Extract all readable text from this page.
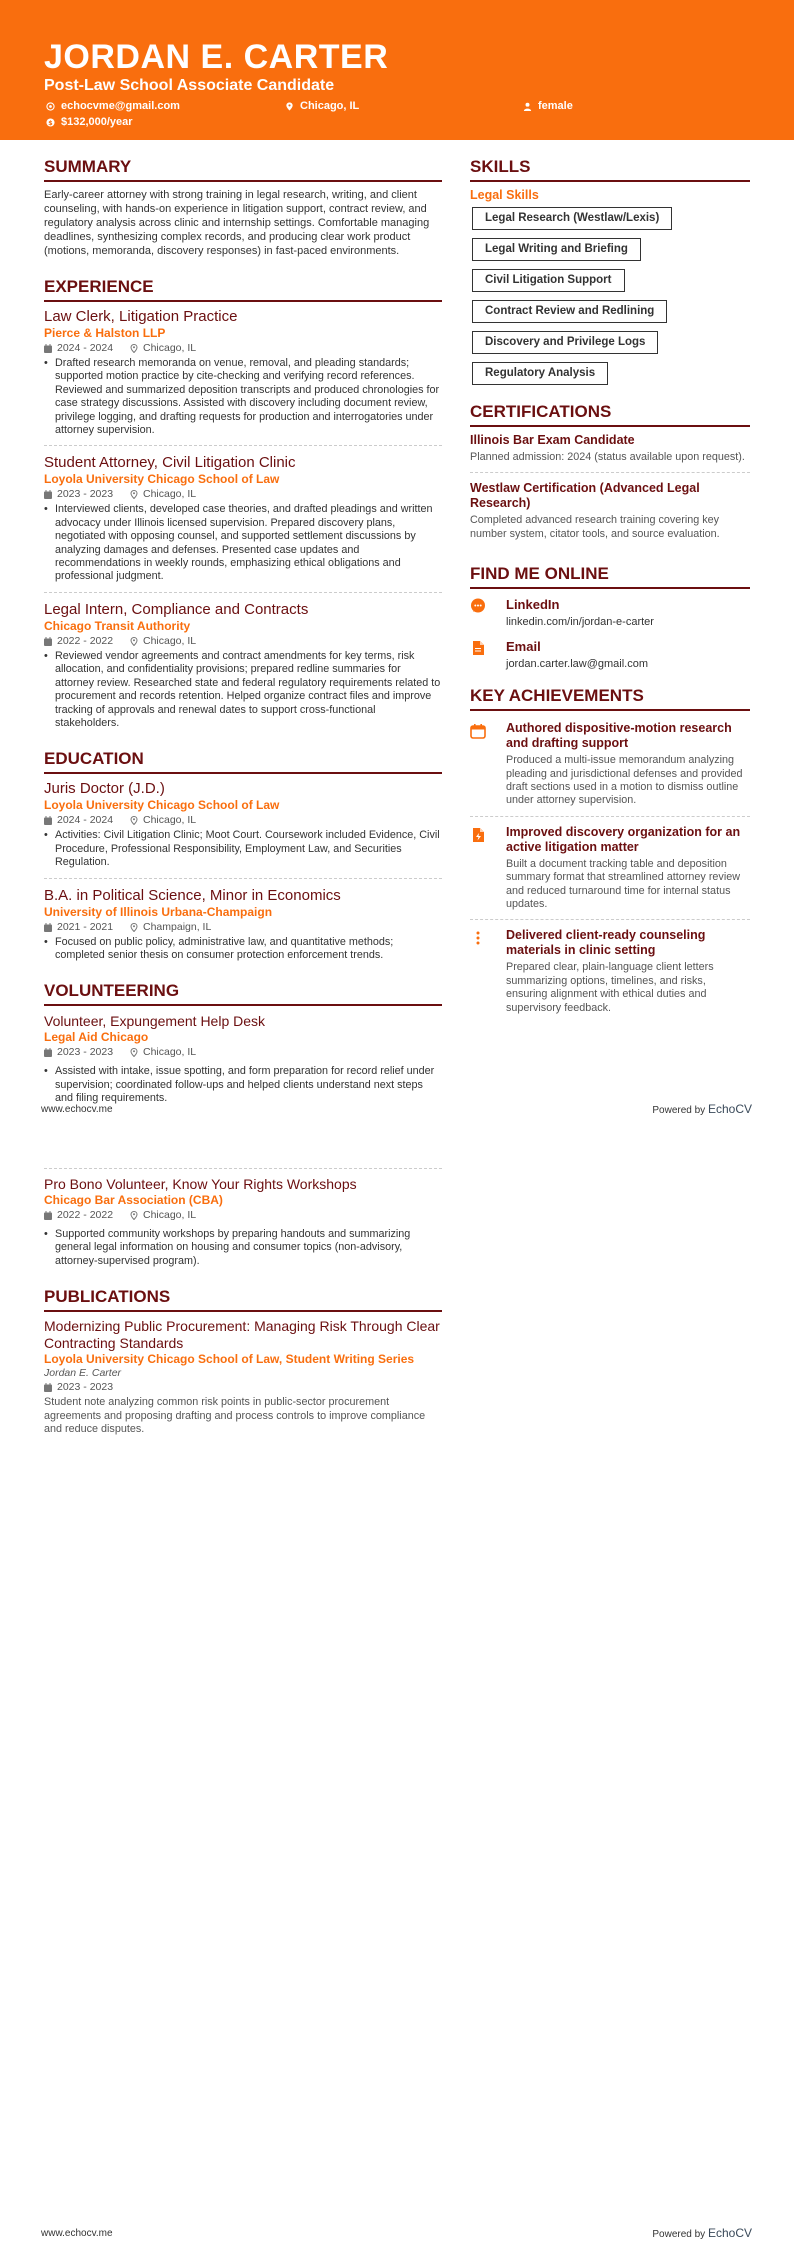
JORDAN E. CARTER
Post-Law School Associate Candidate
echocvme@gmail.com	Chicago, IL	female
$ $132,000/year
SUMMARY

Early-career attorney with strong training in legal research, writing, and client counseling, with hands-on experience in litigation support, contract review, and regulatory analysis across clinic and internship settings. Comfortable managing deadlines, synthesizing complex records, and producing clear work product (motions, memoranda, discovery responses) in fast-paced environments.

EXPERIENCE
Law Clerk, Litigation Practice
Pierce & Halston LLP
2024 - 2024	Chicago, IL
• Drafted research memoranda on venue, removal, and pleading standards; supported motion practice by cite-checking and verifying record references. Reviewed and summarized deposition transcripts and produced chronologies for case strategy discussions. Assisted with discovery including document review, privilege logging, and drafting requests for production and interrogatories under attorney supervision.
Student Attorney, Civil Litigation Clinic
Loyola University Chicago School of Law
2023 - 2023	Chicago, IL
• Interviewed clients, developed case theories, and drafted pleadings and written advocacy under Illinois licensed supervision. Prepared discovery plans, negotiated with opposing counsel, and supported settlement discussions by analyzing damages and defenses. Presented case updates and recommendations in weekly rounds, emphasizing ethical obligations and professional judgment.
Legal Intern, Compliance and Contracts
Chicago Transit Authority
2022 - 2022	Chicago, IL
• Reviewed vendor agreements and contract amendments for key terms, risk allocation, and confidentiality provisions; prepared redline summaries for attorney review. Researched state and federal regulatory requirements related to procurement and records retention. Helped organize contract files and improve tracking of approvals and renewal dates to support cross-functional stakeholders.
EDUCATION
Juris Doctor (J.D.)
Loyola University Chicago School of Law
2024 - 2024	Chicago, IL
• Activities: Civil Litigation Clinic; Moot Court. Coursework included Evidence, Civil Procedure, Professional Responsibility, Employment Law, and Securities Regulation.
B.A. in Political Science, Minor in Economics
University of Illinois Urbana-Champaign
2021 - 2021	Champaign, IL
• Focused on public policy, administrative law, and quantitative methods; completed senior thesis on consumer protection enforcement trends.
VOLUNTEERING
Volunteer, Expungement Help Desk
Legal Aid Chicago
2023 - 2023	Chicago, IL
• Assisted with intake, issue spotting, and form preparation for record relief under supervision; coordinated follow-ups and helped clients understand next steps and filing requirements.
SKILLS
Legal Skills
Legal Research (Westlaw/Lexis)
Legal Writing and Briefing
Civil Litigation Support
Contract Review and Redlining
Discovery and Privilege Logs
Regulatory Analysis
CERTIFICATIONS
Illinois Bar Exam Candidate
Planned admission: 2024 (status available upon request).
Westlaw Certification (Advanced Legal Research)
Completed advanced research training covering key number system, citator tools, and source evaluation.
FIND ME ONLINE
LinkedIn
linkedin.com/in/jordan-e-carter
Email
jordan.carter.law@gmail.com
KEY ACHIEVEMENTS
Authored dispositive-motion research and drafting support
Produced a multi-issue memorandum analyzing pleading and jurisdictional defenses and provided draft sections used in a motion to dismiss outline under attorney supervision.
Improved discovery organization for an active litigation matter
Built a document tracking table and deposition summary format that streamlined attorney review and reduced turnaround time for internal status updates.
Delivered client-ready counseling materials in clinic setting
Prepared clear, plain-language client letters summarizing options, timelines, and risks, ensuring alignment with ethical duties and supervisory feedback.
www.echocv.me	Powered by EchoCV
Pro Bono Volunteer, Know Your Rights Workshops
Chicago Bar Association (CBA)
2022 - 2022	Chicago, IL
• Supported community workshops by preparing handouts and summarizing general legal information on housing and consumer topics (non-advisory, attorney-supervised program).
PUBLICATIONS
Modernizing Public Procurement: Managing Risk Through Clear Contracting Standards
Loyola University Chicago School of Law, Student Writing Series
Jordan E. Carter
2023 - 2023
Student note analyzing common risk points in public-sector procurement agreements and proposing drafting and process controls to improve compliance and reduce disputes.
www.echocv.me	Powered by EchoCV
